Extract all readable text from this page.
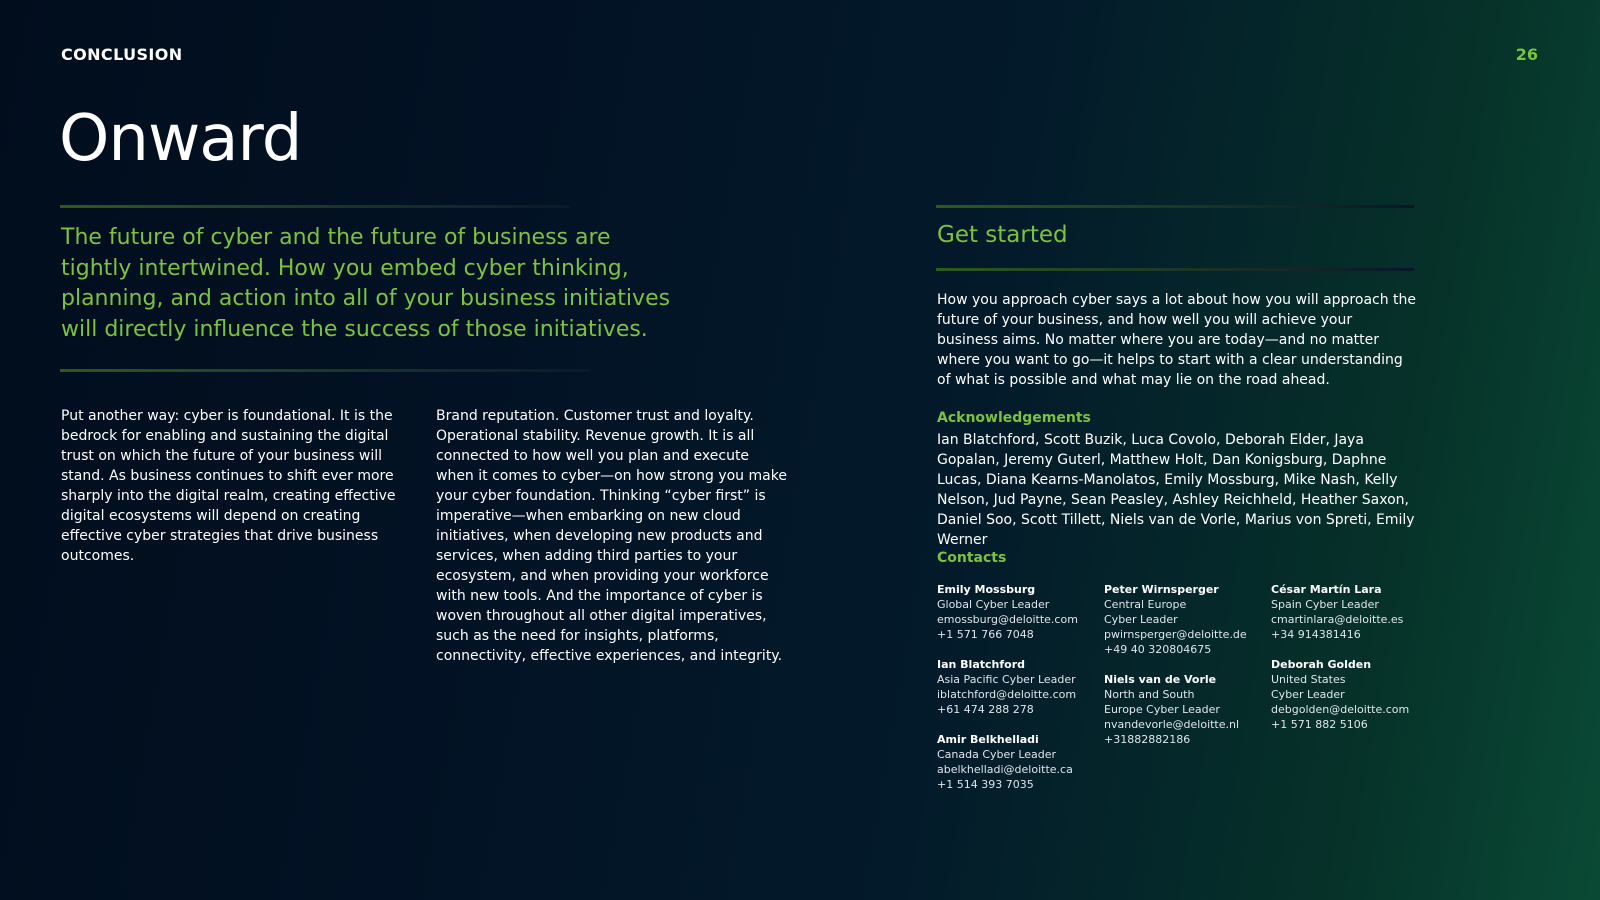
CONCLUSION	26
Onward
The future of cyber and the future of business are tightly intertwined. How you embed cyber thinking, planning, and action into all of your business initiatives will directly influence the success of those initiatives.
Put another way: cyber is foundational. It is the bedrock for enabling and sustaining the digital trust on which the future of your business will stand. As business continues to shift ever more sharply into the digital realm, creating effective digital ecosystems will depend on creating effective cyber strategies that drive business outcomes.
Brand reputation. Customer trust and loyalty. Operational stability. Revenue growth. It is all connected to how well you plan and execute when it comes to cyber—on how strong you make your cyber foundation. Thinking “cyber first” is imperative—when embarking on new cloud initiatives, when developing new products and services, when adding third parties to your ecosystem, and when providing your workforce with new tools. And the importance of cyber is woven throughout all other digital imperatives, such as the need for insights, platforms, connectivity, effective experiences, and integrity.
Get started
How you approach cyber says a lot about how you will approach the future of your business, and how well you will achieve your business aims. No matter where you are today—and no matter where you want to go—it helps to start with a clear understanding of what is possible and what may lie on the road ahead.
Acknowledgements
Ian Blatchford, Scott Buzik, Luca Covolo, Deborah Elder, Jaya Gopalan, Jeremy Guterl, Matthew Holt, Dan Konigsburg, Daphne Lucas, Diana Kearns-Manolatos, Emily Mossburg, Mike Nash, Kelly Nelson, Jud Payne, Sean Peasley, Ashley Reichheld, Heather Saxon, Daniel Soo, Scott Tillett, Niels van de Vorle, Marius von Spreti, Emily Werner
Contacts
Emily Mossburg
Global Cyber Leader
emossburg@deloitte.com
+1 571 766 7048
Ian Blatchford
Asia Pacific Cyber Leader
iblatchford@deloitte.com
+61 474 288 278
Amir Belkhelladi
Canada Cyber Leader
abelkhelladi@deloitte.ca
+1 514 393 7035
Peter Wirnsperger
Central Europe
Cyber Leader
pwirnsperger@deloitte.de
+49 40 320804675
Niels van de Vorle
North and South
Europe Cyber Leader
nvandevorle@deloitte.nl
+31882882186
César Martín Lara
Spain Cyber Leader
cmartinlara@deloitte.es
+34 914381416
Deborah Golden
United States
Cyber Leader
debgolden@deloitte.com
+1 571 882 5106
